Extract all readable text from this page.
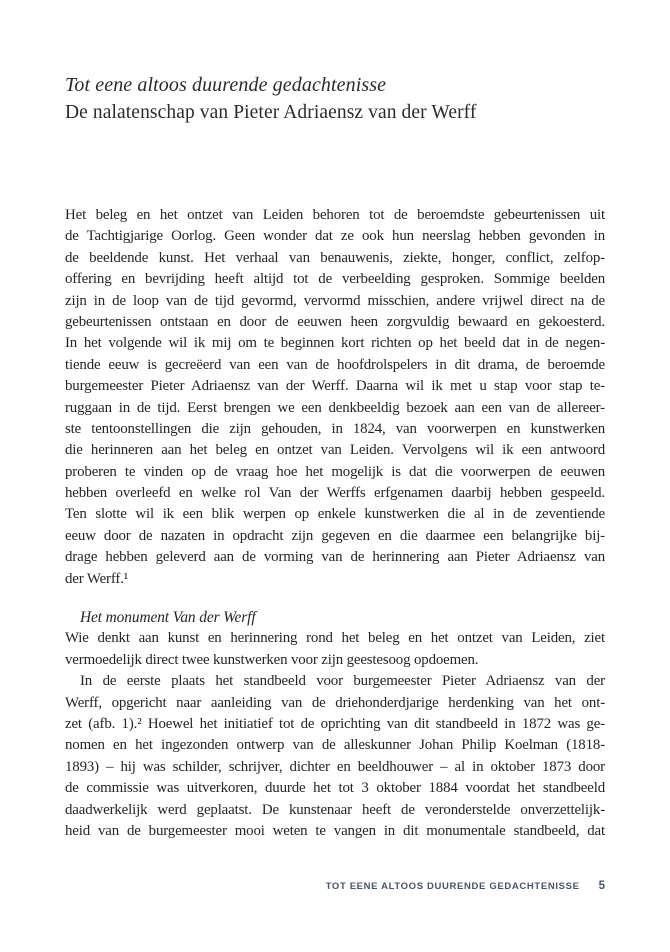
Tot eene altoos duurende gedachtenisse
De nalatenschap van Pieter Adriaensz van der Werff
Het beleg en het ontzet van Leiden behoren tot de beroemdste gebeurtenissen uit
de Tachtigjarige Oorlog. Geen wonder dat ze ook hun neerslag hebben gevonden in
de beeldende kunst. Het verhaal van benauwenis, ziekte, honger, conflict, zelfop-
offering en bevrijding heeft altijd tot de verbeelding gesproken. Sommige beelden
zijn in de loop van de tijd gevormd, vervormd misschien, andere vrijwel direct na de
gebeurtenissen ontstaan en door de eeuwen heen zorgvuldig bewaard en gekoesterd.
In het volgende wil ik mij om te beginnen kort richten op het beeld dat in de negen-
tiende eeuw is gecreëerd van een van de hoofdrolspelers in dit drama, de beroemde
burgemeester Pieter Adriaensz van der Werff. Daarna wil ik met u stap voor stap te-
ruggaan in de tijd. Eerst brengen we een denkbeeldig bezoek aan een van de allereer-
ste tentoonstellingen die zijn gehouden, in 1824, van voorwerpen en kunstwerken
die herinneren aan het beleg en ontzet van Leiden. Vervolgens wil ik een antwoord
proberen te vinden op de vraag hoe het mogelijk is dat die voorwerpen de eeuwen
hebben overleefd en welke rol Van der Werffs erfgenamen daarbij hebben gespeeld.
Ten slotte wil ik een blik werpen op enkele kunstwerken die al in de zeventiende
eeuw door de nazaten in opdracht zijn gegeven en die daarmee een belangrijke bij-
drage hebben geleverd aan de vorming van de herinnering aan Pieter Adriaensz van
der Werff.¹
Het monument Van der Werff
Wie denkt aan kunst en herinnering rond het beleg en het ontzet van Leiden, ziet
vermoedelijk direct twee kunstwerken voor zijn geestesoog opdoemen.
In de eerste plaats het standbeeld voor burgemeester Pieter Adriaensz van der
Werff, opgericht naar aanleiding van de driehonderdjarige herdenking van het ont-
zet (afb. 1).² Hoewel het initiatief tot de oprichting van dit standbeeld in 1872 was ge-
nomen en het ingezonden ontwerp van de alleskunner Johan Philip Koelman (1818-
1893) – hij was schilder, schrijver, dichter en beeldhouwer – al in oktober 1873 door
de commissie was uitverkoren, duurde het tot 3 oktober 1884 voordat het standbeeld
daadwerkelijk werd geplaatst. De kunstenaar heeft de veronderstelde onverzettelijk-
heid van de burgemeester mooi weten te vangen in dit monumentale standbeeld, dat
TOT EENE ALTOOS DUURENDE GEDACHTENISSE 5
